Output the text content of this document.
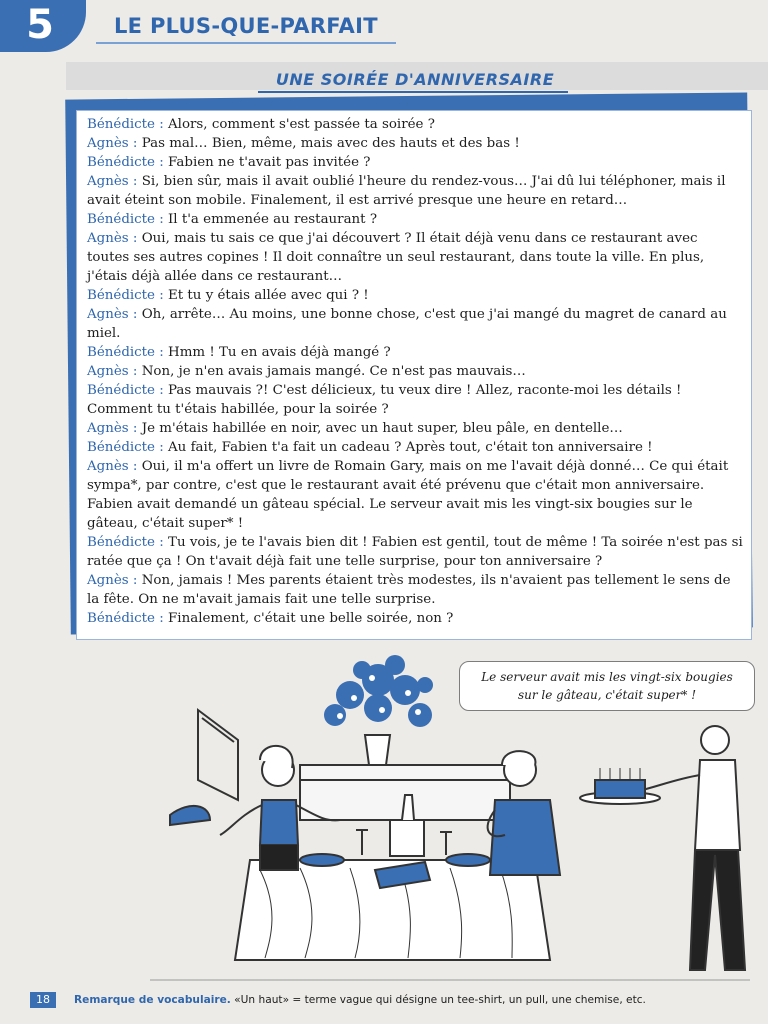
5	LE PLUS-QUE-PARFAIT
UNE SOIRÉE D'ANNIVERSAIRE
Bénédicte : Alors, comment s'est passée ta soirée ?
Agnès : Pas mal… Bien, même, mais avec des hauts et des bas !
Bénédicte : Fabien ne t'avait pas invitée ?
Agnès : Si, bien sûr, mais il avait oublié l'heure du rendez-vous… J'ai dû lui téléphoner, mais il avait éteint son mobile. Finalement, il est arrivé presque une heure en retard…
Bénédicte : Il t'a emmenée au restaurant ?
Agnès : Oui, mais tu sais ce que j'ai découvert ? Il était déjà venu dans ce restaurant avec toutes ses autres copines ! Il doit connaître un seul restaurant, dans toute la ville. En plus, j'étais déjà allée dans ce restaurant…
Bénédicte : Et tu y étais allée avec qui ? !
Agnès : Oh, arrête… Au moins, une bonne chose, c'est que j'ai mangé du magret de canard au miel.
Bénédicte : Hmm ! Tu en avais déjà mangé ?
Agnès : Non, je n'en avais jamais mangé. Ce n'est pas mauvais…
Bénédicte : Pas mauvais ?! C'est délicieux, tu veux dire ! Allez, raconte-moi les détails ! Comment tu t'étais habillée, pour la soirée ?
Agnès : Je m'étais habillée en noir, avec un haut super, bleu pâle, en dentelle…
Bénédicte : Au fait, Fabien t'a fait un cadeau ? Après tout, c'était ton anniversaire !
Agnès : Oui, il m'a offert un livre de Romain Gary, mais on me l'avait déjà donné… Ce qui était sympa*, par contre, c'est que le restaurant avait été prévenu que c'était mon anniversaire. Fabien avait demandé un gâteau spécial. Le serveur avait mis les vingt-six bougies sur le gâteau, c'était super* !
Bénédicte : Tu vois, je te l'avais bien dit ! Fabien est gentil, tout de même ! Ta soirée n'est pas si ratée que ça ! On t'avait déjà fait une telle surprise, pour ton anniversaire ?
Agnès : Non, jamais ! Mes parents étaient très modestes, ils n'avaient pas tellement le sens de la fête. On ne m'avait jamais fait une telle surprise.
Bénédicte : Finalement, c'était une belle soirée, non ?
Le serveur avait mis les vingt-six bougies
sur le gâteau, c'était super* !
18	Remarque de vocabulaire. «Un haut» = terme vague qui désigne un tee-shirt, un pull, une chemise, etc.
